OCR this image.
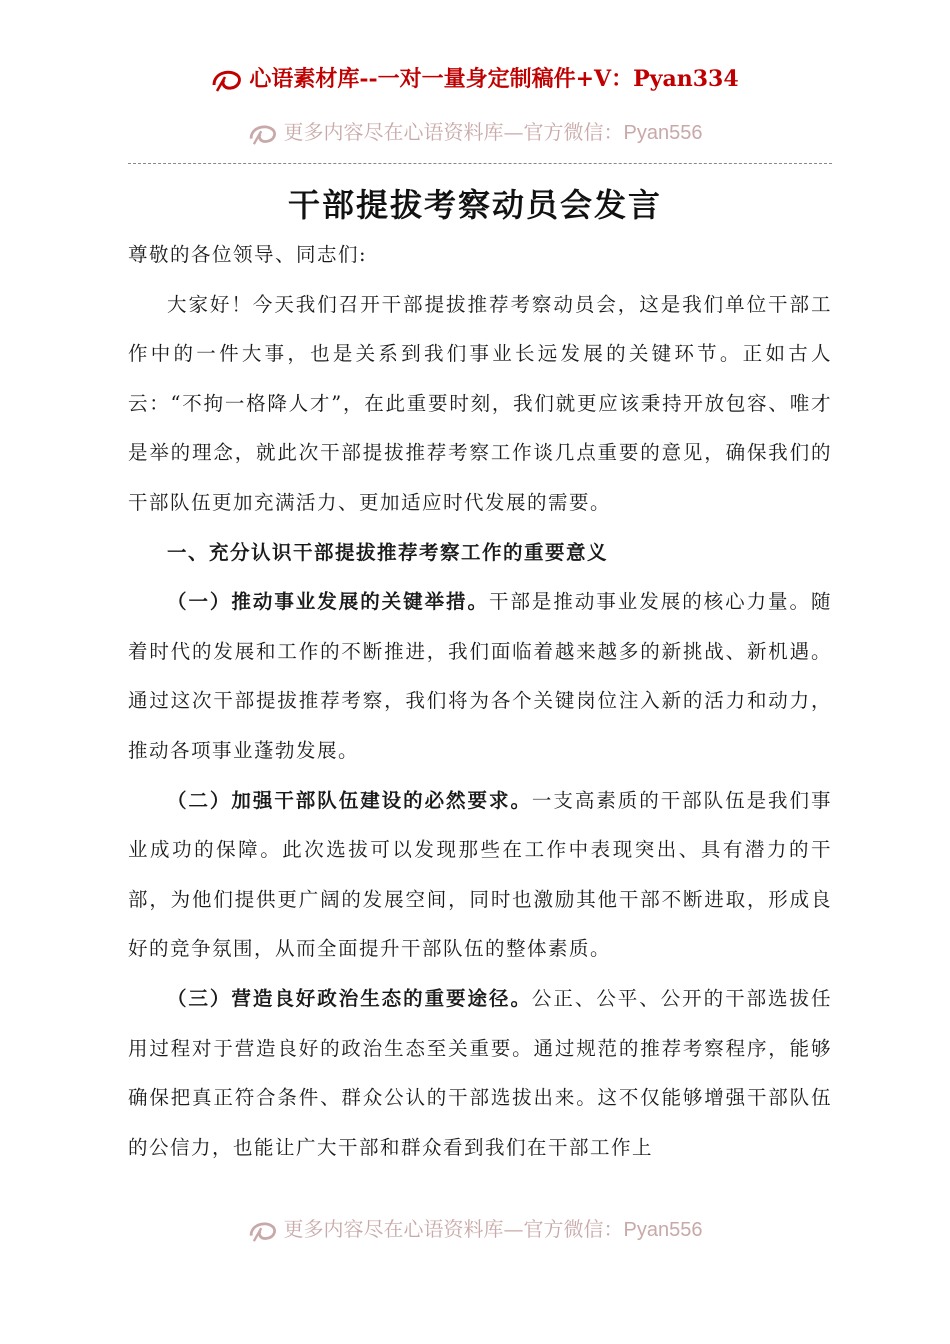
心语素材库--一对一量身定制稿件+V：Pyan334
更多内容尽在心语资料库—官方微信：Pyan556
干部提拔考察动员会发言

尊敬的各位领导、同志们:

大家好！今天我们召开干部提拔推荐考察动员会，这是我们单位干部工作中的一件大事，也是关系到我们事业长远发展的关键环节。正如古人云：“不拘一格降人才”，在此重要时刻，我们就更应该秉持开放包容、唯才是举的理念，就此次干部提拔推荐考察工作谈几点重要的意见，确保我们的干部队伍更加充满活力、更加适应时代发展的需要。

一、充分认识干部提拔推荐考察工作的重要意义

（一）推动事业发展的关键举措。干部是推动事业发展的核心力量。随着时代的发展和工作的不断推进，我们面临着越来越多的新挑战、新机遇。通过这次干部提拔推荐考察，我们将为各个关键岗位注入新的活力和动力，推动各项事业蓬勃发展。

（二）加强干部队伍建设的必然要求。一支高素质的干部队伍是我们事业成功的保障。此次选拔可以发现那些在工作中表现突出、具有潜力的干部，为他们提供更广阔的发展空间，同时也激励其他干部不断进取，形成良好的竞争氛围，从而全面提升干部队伍的整体素质。

（三）营造良好政治生态的重要途径。公正、公平、公开的干部选拔任用过程对于营造良好的政治生态至关重要。通过规范的推荐考察程序，能够确保把真正符合条件、群众公认的干部选拔出来。这不仅能够增强干部队伍的公信力，也能让广大干部和群众看到我们在干部工作上

更多内容尽在心语资料库—官方微信：Pyan556
